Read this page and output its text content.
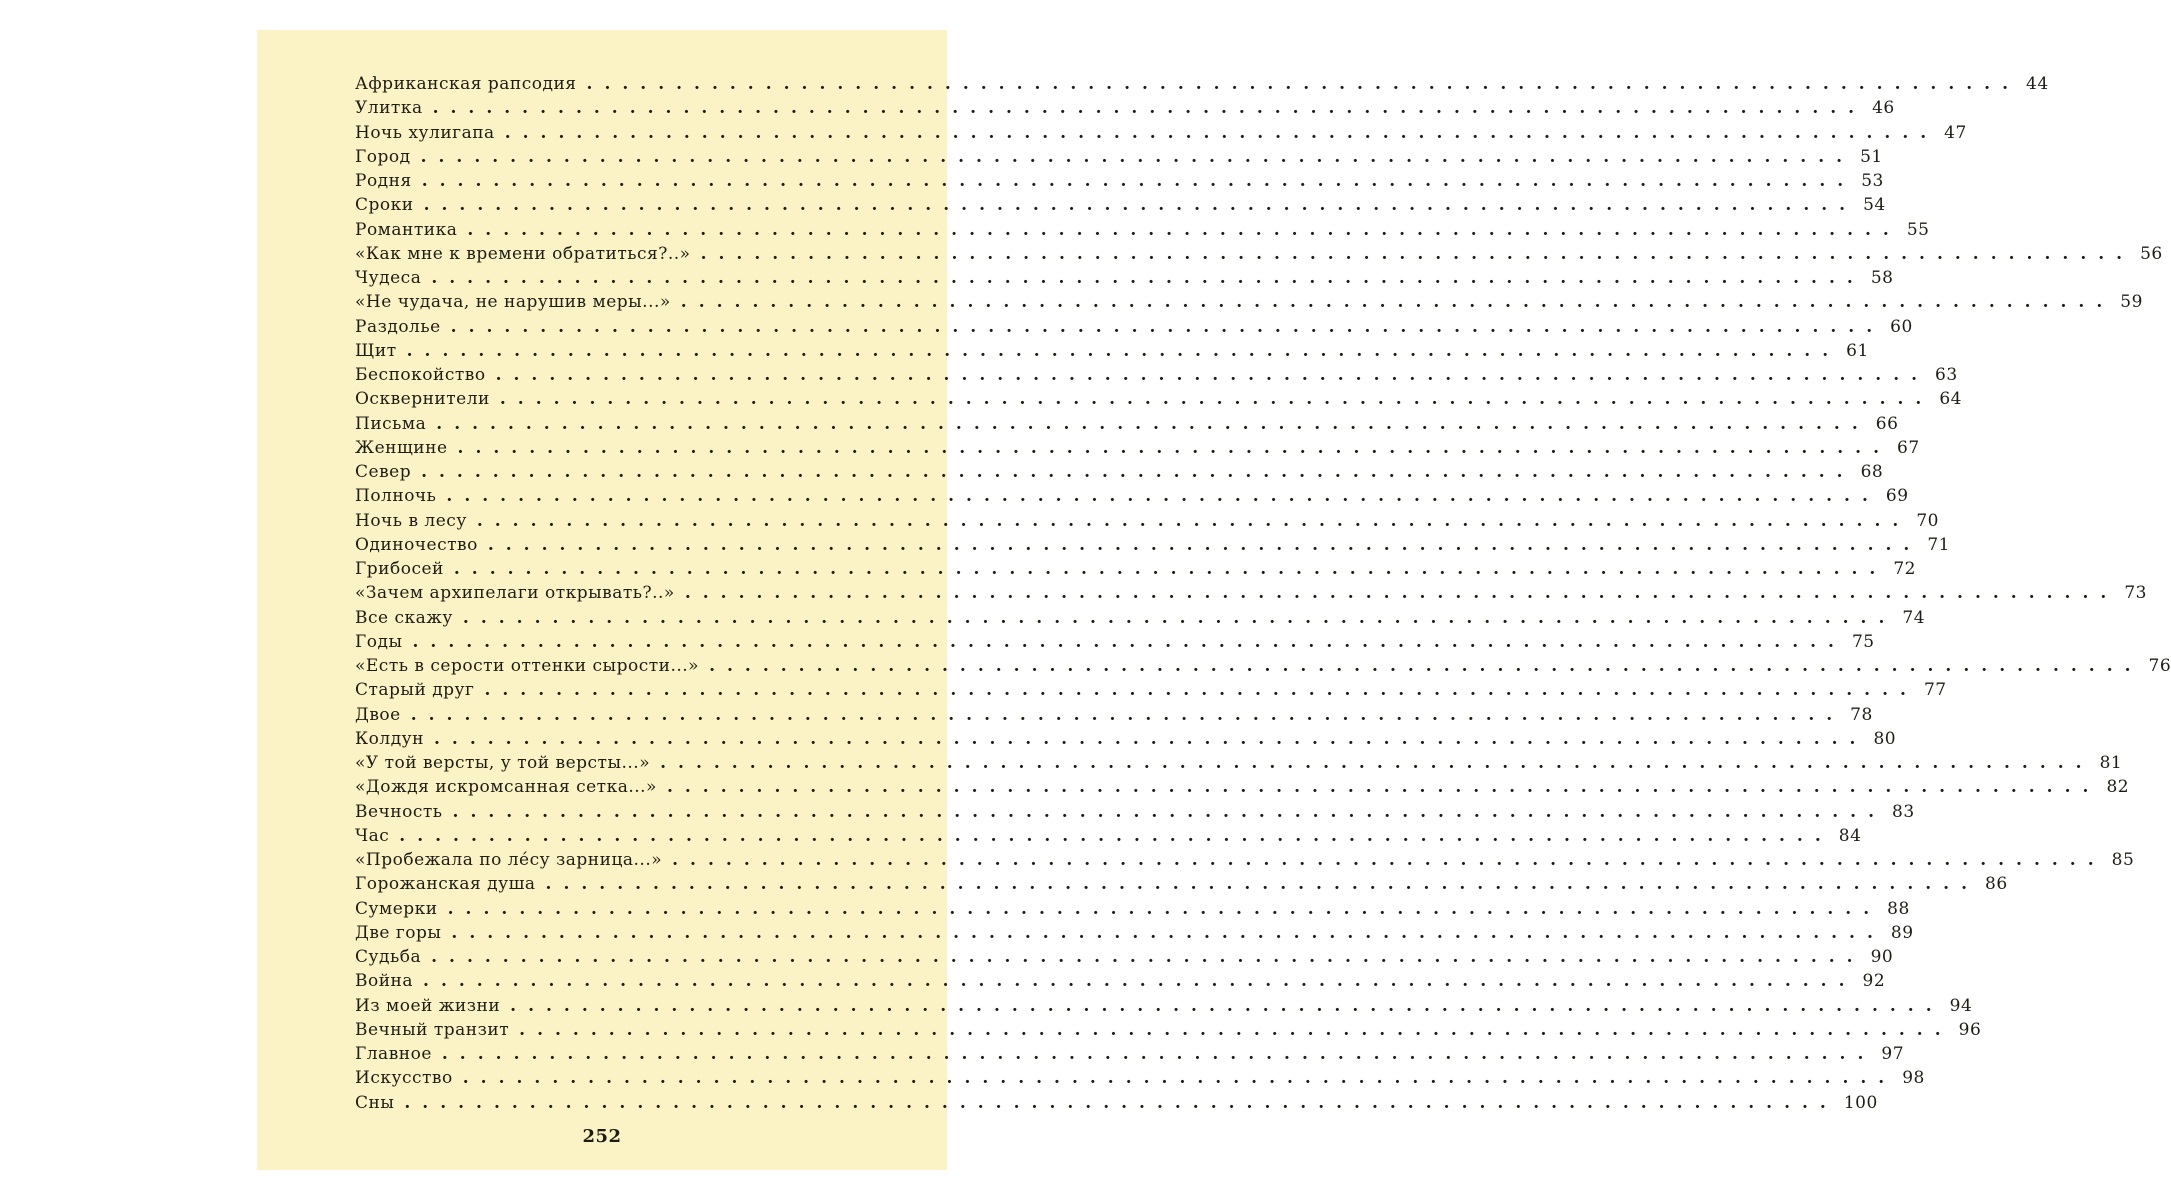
Африканская рапсодия ................................................................................ 44
Улитка ................................................................................ 46
Ночь хулигапа ................................................................................ 47
Город ................................................................................ 51
Родня ................................................................................ 53
Сроки ................................................................................ 54
Романтика ................................................................................ 55
«Как мне к времени обратиться?..» ................................................................................ 56
Чудеса ................................................................................ 58
«Не чудача, не нарушив меры...» ................................................................................ 59
Раздолье ................................................................................ 60
Щит ................................................................................ 61
Беспокойство ................................................................................ 63
Осквернители ................................................................................ 64
Письма ................................................................................ 66
Женщине ................................................................................ 67
Север ................................................................................ 68
Полночь ................................................................................ 69
Ночь в лесу ................................................................................ 70
Одиночество ................................................................................ 71
Грибосей ................................................................................ 72
«Зачем архипелаги открывать?..» ................................................................................ 73
Все скажу ................................................................................ 74
Годы ................................................................................ 75
«Есть в серости оттенки сырости...» ................................................................................ 76
Старый друг ................................................................................ 77
Двое ................................................................................ 78
Колдун ................................................................................ 80
«У той версты, у той версты...» ................................................................................ 81
«Дождя искромсанная сетка...» ................................................................................ 82
Вечность ................................................................................ 83
Час ................................................................................ 84
«Пробежала по ле́су зарница...» ................................................................................ 85
Горожанская душа ................................................................................ 86
Сумерки ................................................................................ 88
Две горы ................................................................................ 89
Судьба ................................................................................ 90
Война ................................................................................ 92
Из моей жизни ................................................................................ 94
Вечный транзит ................................................................................ 96
Главное ................................................................................ 97
Искусство ................................................................................ 98
Сны ................................................................................ 100
252
